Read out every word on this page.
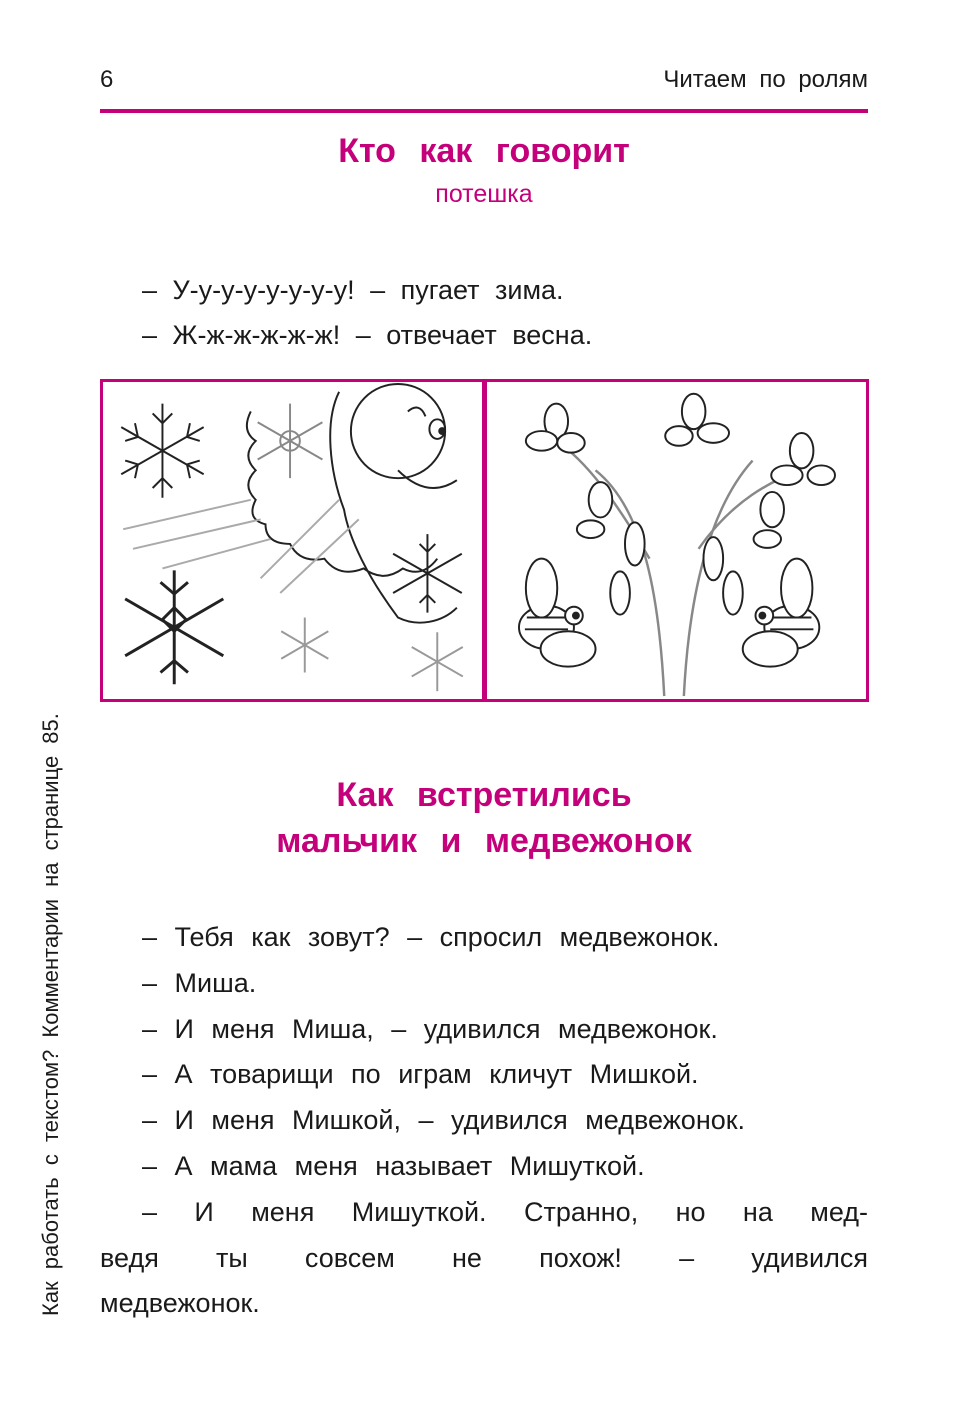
6	Читаем по ролям
Кто как говорит
потешка
– У-у-у-у-у-у-у-у! – пугает зима.
– Ж-ж-ж-ж-ж-ж! – отвечает весна.
Как встретились
мальчик и медвежонок
– Тебя как зовут? – спросил медвежонок.
– Миша.
– И меня Миша, – удивился медвежонок.
– А товарищи по играм кличут Мишкой.
– И меня Мишкой, – удивился медвежонок.
– А мама меня называет Мишуткой.
– И меня Мишуткой. Странно, но на мед-
ведя ты совсем не похож! – удивился
медвежонок.
Как работать с текстом? Комментарии на странице 85.
